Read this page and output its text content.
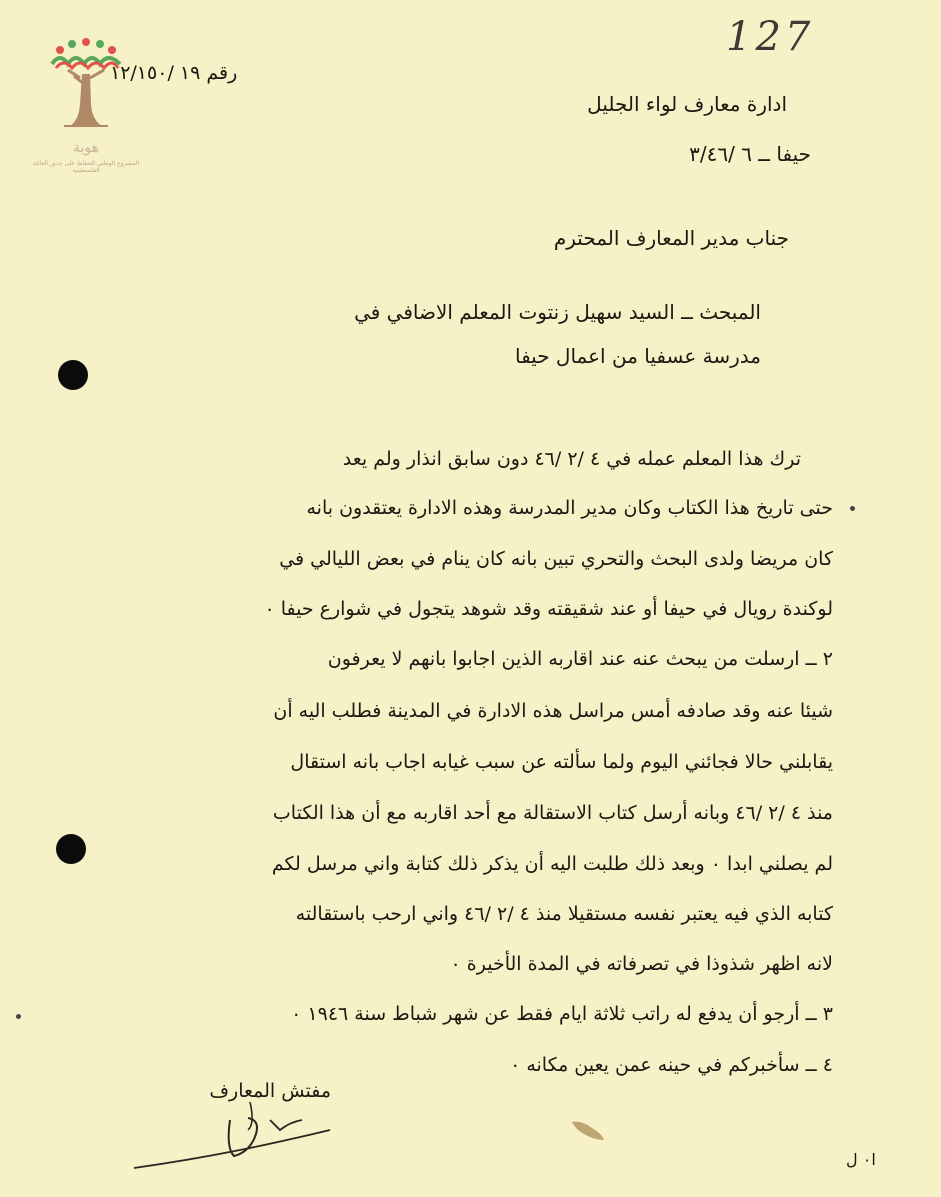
هوية
المشروع الوطني للحفاظ على جذور العائلة الفلسطينية
127
رقم ١٩ /١٢/١٥٠
ادارة معارف لواء الجليل
حيفا ــ ٦ /٣/٤٦
جناب مدير المعارف المحترم
المبحث ــ السيد سهيل زنتوت المعلم الاضافي في
مدرسة عسفيا من اعمال حيفا
ترك هذا المعلم عمله في ٤ /٢ /٤٦ دون سابق انذار ولم يعد
حتى تاريخ هذا الكتاب وكان مدير المدرسة وهذه الادارة يعتقدون بانه
كان مريضا ولدى البحث والتحري تبين بانه كان ينام في بعض الليالي في
لوكندة رويال في حيفا أو عند شقيقته وقد شوهد يتجول في شوارع حيفا ٠
٢ ــ ارسلت من يبحث عنه عند اقاربه الذين اجابوا بانهم لا يعرفون
شيئا عنه وقد صادفه أمس مراسل هذه الادارة في المدينة فطلب اليه أن
يقابلني حالا فجائني اليوم ولما سألته عن سبب غيابه اجاب بانه استقال
منذ ٤ /٢ /٤٦ وبانه أرسل كتاب الاستقالة مع أحد اقاربه مع أن هذا الكتاب
لم يصلني ابدا ٠ وبعد ذلك طلبت اليه أن يذكر ذلك كتابة واني مرسل لكم
كتابه الذي فيه يعتبر نفسه مستقيلا منذ ٤ /٢ /٤٦ واني ارحب باستقالته
لانه اظهر شذوذا في تصرفاته في المدة الأخيرة ٠
٣ ــ أرجو أن يدفع له راتب ثلاثة ايام فقط عن شهر شباط سنة ١٩٤٦ ٠
٤ ــ سأخبركم في حينه عمن يعين مكانه ٠
مفتش المعارف
ا٠ ل
